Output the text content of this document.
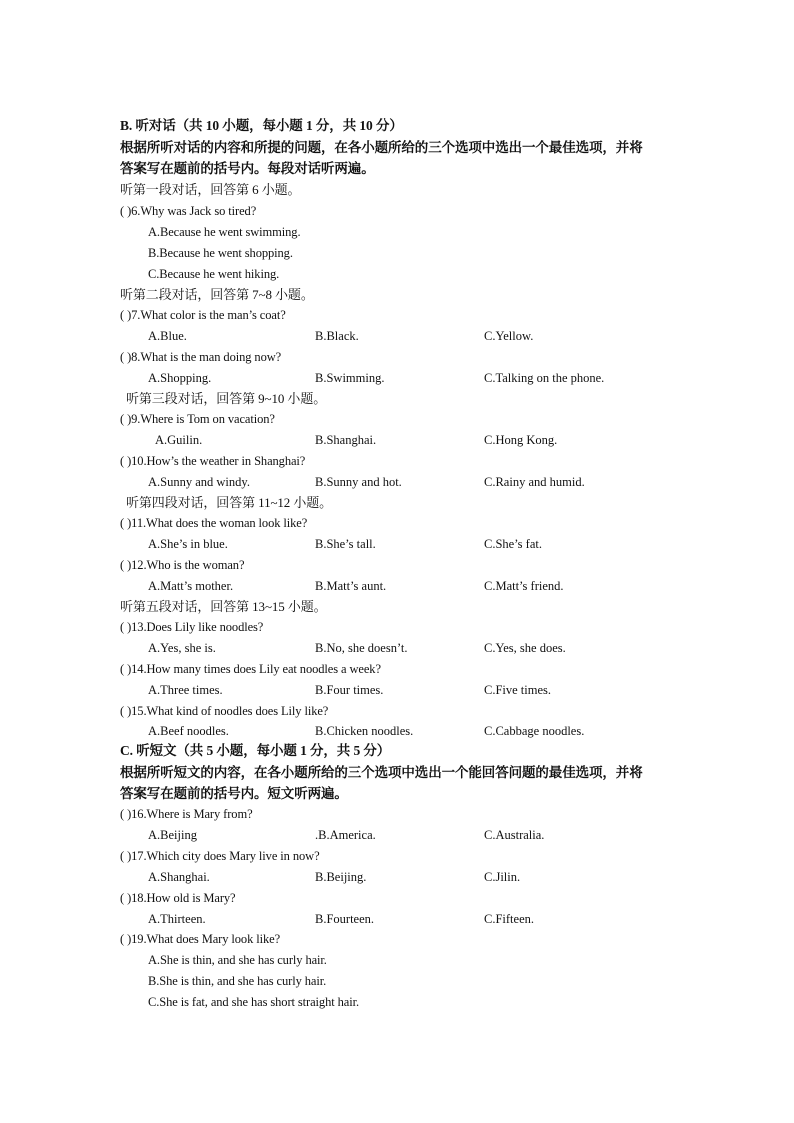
B. 听对话（共 10 小题，每小题 1 分，共 10 分）
根据所听对话的内容和所提的问题，在各小题所给的三个选项中选出一个最佳选项，并将
答案写在题前的括号内。每段对话听两遍。
听第一段对话，回答第 6 小题。
( )6.Why was Jack so tired?
A.Because he went swimming.
B.Because he went shopping.
C.Because he went hiking.
听第二段对话，回答第 7~8 小题。
( )7.What color is the man’s coat?
A.Blue.	B.Black.	C.Yellow.
( )8.What is the man doing now?
A.Shopping.	B.Swimming.	C.Talking on the phone.
听第三段对话，回答第 9~10 小题。
( )9.Where is Tom on vacation?
A.Guilin.	B.Shanghai.	C.Hong Kong.
( )10.How’s the weather in Shanghai?
A.Sunny and windy.	B.Sunny and hot.	C.Rainy and humid.
听第四段对话，回答第 11~12 小题。
( )11.What does the woman look like?
A.She’s in blue.	B.She’s tall.	C.She’s fat.
( )12.Who is the woman?
A.Matt’s mother.	B.Matt’s aunt.	C.Matt’s friend.
听第五段对话，回答第 13~15 小题。
( )13.Does Lily like noodles?
A.Yes, she is.	B.No, she doesn’t.	C.Yes, she does.
( )14.How many times does Lily eat noodles a week?
A.Three times.	B.Four times.	C.Five times.
( )15.What kind of noodles does Lily like?
A.Beef noodles.	B.Chicken noodles.	C.Cabbage noodles.
C. 听短文（共 5 小题，每小题 1 分，共 5 分）
根据所听短文的内容，在各小题所给的三个选项中选出一个能回答问题的最佳选项，并将
答案写在题前的括号内。短文听两遍。
( )16.Where is Mary from?
A.Beijing	.B.America.	C.Australia.
( )17.Which city does Mary live in now?
A.Shanghai.	B.Beijing.	C.Jilin.
( )18.How old is Mary?
A.Thirteen.	B.Fourteen.	C.Fifteen.
( )19.What does Mary look like?
A.She is thin, and she has curly hair.
B.She is thin, and she has curly hair.
C.She is fat, and she has short straight hair.
